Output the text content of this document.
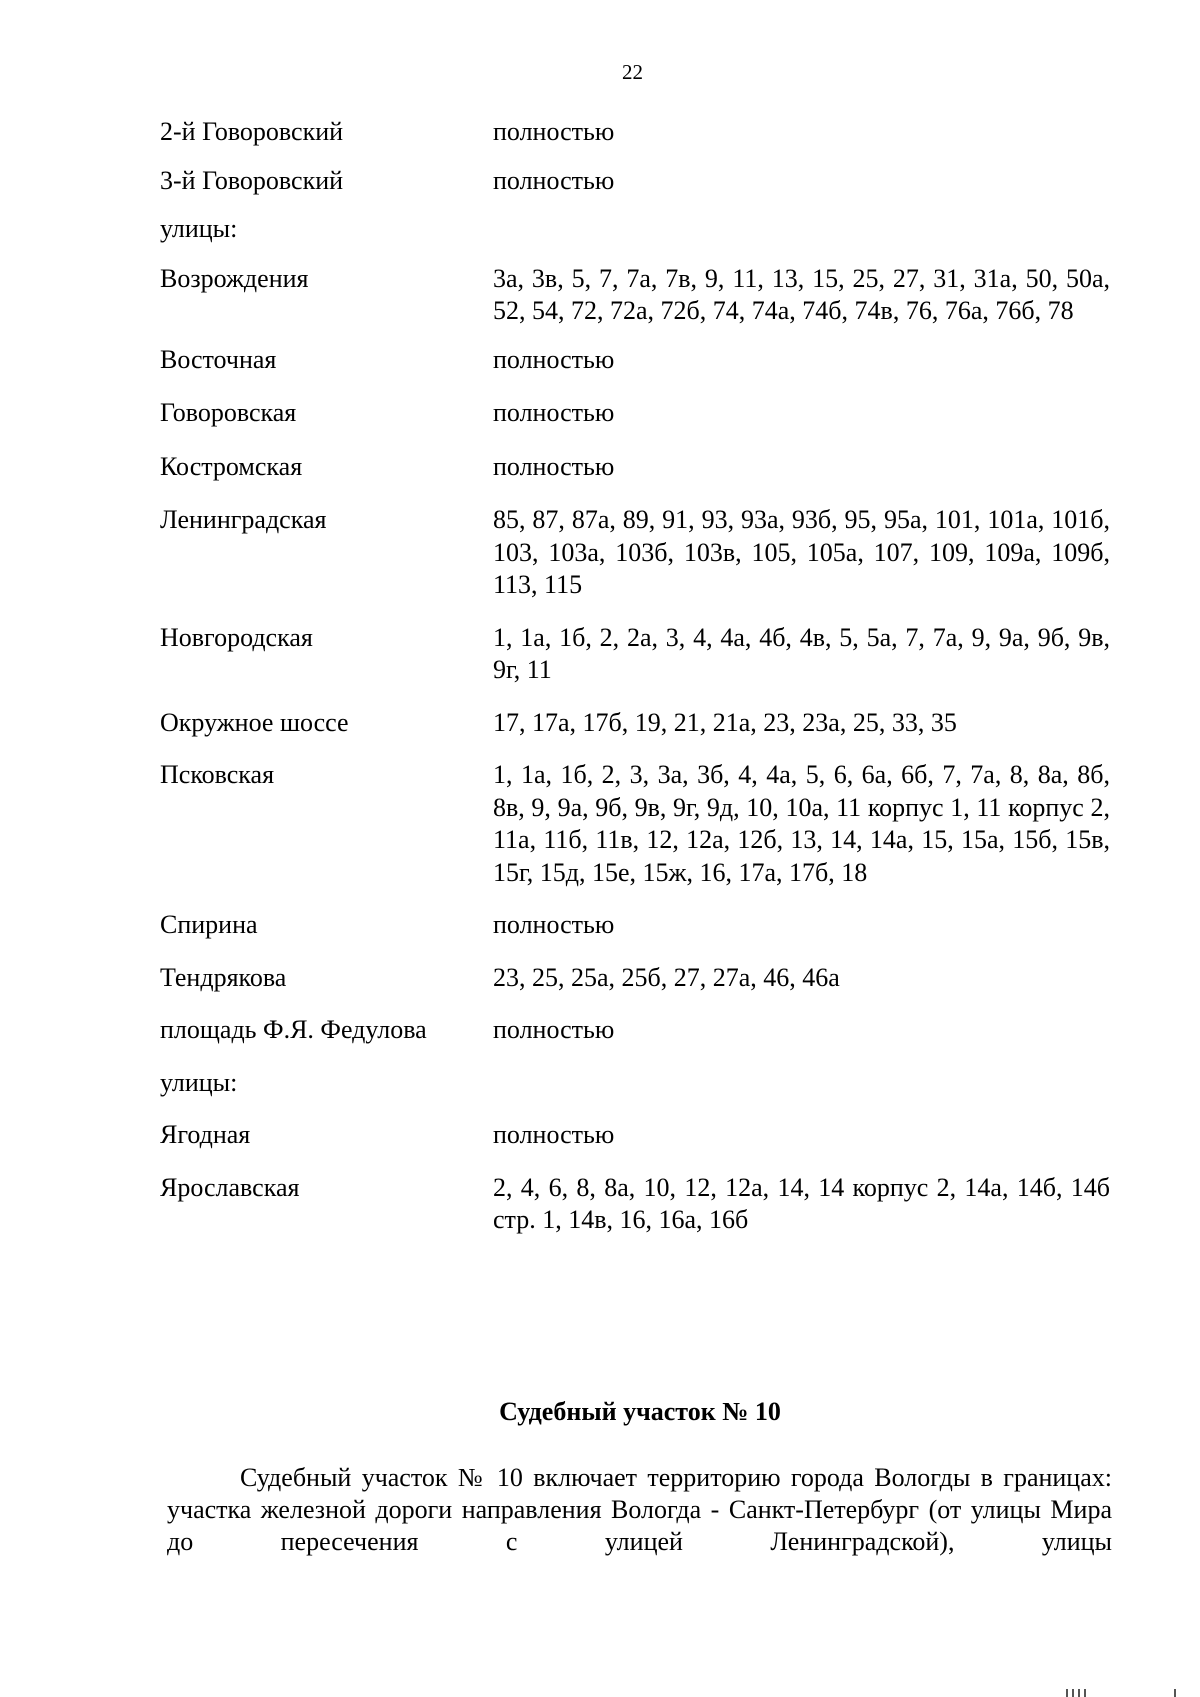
22
2-й Говоровский	полностью
3-й Говоровский	полностью
улицы:
Возрождения	3а, 3в, 5, 7, 7а, 7в, 9, 11, 13, 15, 25, 27, 31, 31а, 50, 50а, 52, 54, 72, 72а, 72б, 74, 74а, 74б, 74в, 76, 76а, 76б, 78
Восточная	полностью
Говоровская	полностью
Костромская	полностью
Ленинградская	85, 87, 87а, 89, 91, 93, 93а, 93б, 95, 95а, 101, 101а, 101б, 103, 103а, 103б, 103в, 105, 105а, 107, 109, 109а, 109б, 113, 115
Новгородская	1, 1а, 1б, 2, 2а, 3, 4, 4а, 4б, 4в, 5, 5а, 7, 7а, 9, 9а, 9б, 9в, 9г, 11
Окружное шоссе	17, 17а, 17б, 19, 21, 21а, 23, 23а, 25, 33, 35
Псковская	1, 1а, 1б, 2, 3, 3а, 3б, 4, 4а, 5, 6, 6а, 6б, 7, 7а, 8, 8а, 8б, 8в, 9, 9а, 9б, 9в, 9г, 9д, 10, 10а, 11 корпус 1, 11 корпус 2, 11а, 11б, 11в, 12, 12а, 12б, 13, 14, 14а, 15, 15а, 15б, 15в, 15г, 15д, 15е, 15ж, 16, 17а, 17б, 18
Спирина	полностью
Тендрякова	23, 25, 25а, 25б, 27, 27а, 46, 46а
площадь Ф.Я. Федулова	полностью
улицы:
Ягодная	полностью
Ярославская	2, 4, 6, 8, 8а, 10, 12, 12а, 14, 14 корпус 2, 14а, 14б, 14б стр. 1, 14в, 16, 16а, 16б
Судебный участок № 10

Судебный участок № 10 включает территорию города Вологды в границах: участка железной дороги направления Вологда - Санкт-Петербург (от улицы Мира до пересечения с улицей Ленинградской), улицы
